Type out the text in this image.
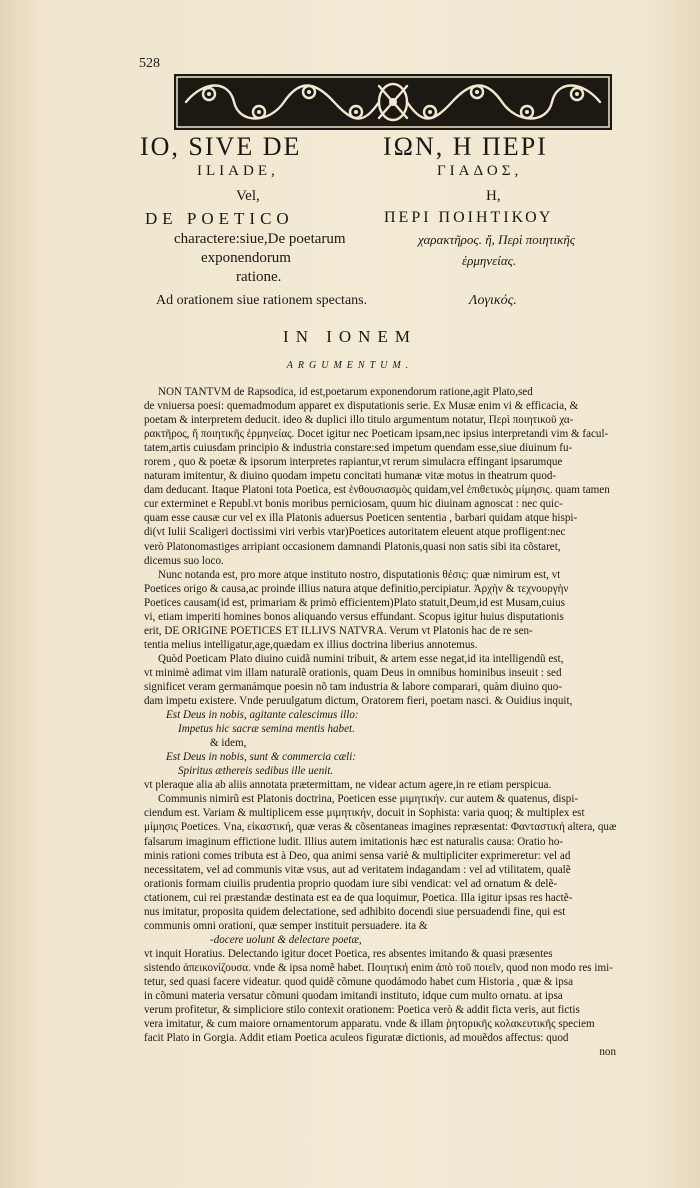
528
IO, SIVE DE	ΙΩΝ, Η ΠΕΡΙ
ILIADE,	ΓΙΑΔΟΣ,
Vel,	Η,
DE POETICO	ΠΕΡΙ ΠΟΙΗΤΙΚΟΥ
charactere:siue,De poetarum	χαρακτῆρος. ἤ, Περὶ ποιητικῆς
exponendorum	ἑρμηνείας.
ratione.
Ad orationem siue rationem spectans.	Λογικός.
IN IONEM
ARGUMENTUM.
NON TANTVM de Rapsodica, id est,poetarum exponendorum ratione,agit Plato,sed
de vniuersa poesi: quemadmodum apparet ex disputationis serie. Ex Musæ enim vi & efficacia, &
poetam & interpretem deducit. ideo & duplici illo titulo argumentum notatur, Περὶ ποιητικοῦ χα-
ρακτῆρος, ἤ ποιητικῆς ἑρμηνείας. Docet igitur nec Poeticam ipsam,nec ipsius interpretandi vim & facul-
tatem,artis cuiusdam principio & industria constare:sed impetum quendam esse,siue diuinum fu-
rorem , quo & poetæ & ipsorum interpretes rapiantur,vt rerum simulacra effingant ipsarumque
naturam imitentur, & diuino quodam impetu concitati humanæ vitæ motus in theatrum quod-
dam deducant. Itaque Platoni tota Poetica, est ἐνθουσιασμὸς quidam,vel ἐπιθετικὸς μίμησις. quam tamen
cur exterminet e Republ.vt bonis moribus perniciosam, quum hic diuinam agnoscat : nec quic-
quam esse causæ cur vel ex illa Platonis aduersus Poeticen sententia , barbari quidam atque hispi-
di(vt Iulii Scaligeri doctissimi viri verbis vtar)Poetices autoritatem eleuent atque profligent:nec
verò Platonomastiges arripiant occasionem damnandi Platonis,quasi non satis sibi ita cõstaret,
dicemus suo loco.
Nunc notanda est, pro more atque instituto nostro, disputationis θέσις: quæ nimirum est, vt
Poetices origo & causa,ac proinde illius natura atque definitio,percipiatur. Ἀρχὴν & τεχνουργὴν
Poetices causam(id est, primariam & primò efficientem)Plato statuit,Deum,id est Musam,cuius
vi, etiam imperiti homines bonos aliquando versus effundant. Scopus igitur huius disputationis
erit, DE ORIGINE POETICES ET ILLIVS NATVRA. Verum vt Platonis hac de re sen-
tentia melius intelligatur,age,quædam ex illius doctrina liberius annotemus.
Quòd Poeticam Plato diuino cuidã numini tribuit, & artem esse negat,id ita intelligendũ est,
vt minimè adimat vim illam naturalẽ orationis, quam Deus in omnibus hominibus inseuit : sed
significet veram germanámque poesin nõ tam industria & labore comparari, quàm diuino quo-
dam impetu existere. Vnde peruulgatum dictum, Oratorem fieri, poetam nasci. & Ouidius inquit,
Est Deus in nobis, agitante calescimus illo:
Impetus hic sacræ semina mentis habet.
& idem,
Est Deus in nobis, sunt & commercia cæli:
Spiritus æthereis sedibus ille uenit.
vt pleraque alia ab aliis annotata prætermittam, ne videar actum agere,in re etiam perspicua.
Communis nimirũ est Platonis doctrina, Poeticen esse μιμητικήν. cur autem & quatenus, dispi-
ciendum est. Variam & multiplicem esse μιμητικήν, docuit in Sophista: varia quoq; & multiplex est
μίμησις Poetices. Vna, εἰκαστική, quæ veras & cõsentaneas imagines repræsentat: Φανταστική altera, quæ
falsarum imaginum effictione ludit. Illius autem imitationis hæc est naturalis causa: Oratio ho-
minis rationi comes tributa est à Deo, qua animi sensa variè & multipliciter exprimeretur: vel ad
necessitatem, vel ad communis vitæ vsus, aut ad veritatem indagandam : vel ad vtilitatem, qualẽ
orationis formam ciuilis prudentia proprio quodam iure sibi vendicat: vel ad ornatum & delẽ-
ctationem, cui rei præstandæ destinata est ea de qua loquimur, Poetica. Illa igitur ipsas res hactẽ-
nus imitatur, proposita quidem delectatione, sed adhibito docendi siue persuadendi fine, qui est
communis omni orationi, quæ semper instituit persuadere. ita &
-docere uolunt & delectare poetæ,
vt inquit Horatius. Delectando igitur docet Poetica, res absentes imitando & quasi præsentes
sistendo ἀπεικονίζουσα. vnde & ipsa nomẽ habet. Ποιητική enim ἀπὸ τοῦ ποιεῖν, quod non modo res imi-
tetur, sed quasi facere videatur. quod quidẽ cõmune quodámodo habet cum Historia , quæ & ipsa
in cõmuni materia versatur cõmuni quodam imitandi instituto, idque cum multo ornatu. at ipsa
verum profitetur, & simpliciore stilo contexit orationem: Poetica verò & addit ficta veris, aut fictis
vera imitatur, & cum maiore ornamentorum apparatu. vnde & illam ῥητορικῆς κολακευτικῆς speciem
facit Plato in Gorgia. Addit etiam Poetica aculeos figuratæ dictionis, ad mouẽdos affectus: quod
non
